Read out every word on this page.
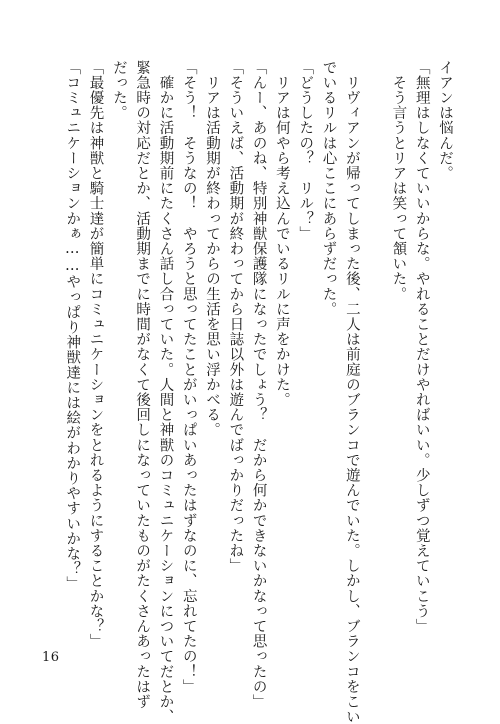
イアンは悩んだ。
「無理はしなくていいからな。やれることだけやればいい。少しずつ覚えていこう」
　そう言うとリアは笑って頷いた。
　リヴィアンが帰ってしまった後、二人は前庭のブランコで遊んでいた。しかし、ブランコをこい
でいるリルは心ここにあらずだった。
「どうしたの？　リル？」
　リアは何やら考え込んでいるリルに声をかけた。
「んー、あのね、特別神獣保護隊になったでしょう？　だから何かできないかなって思ったの」
「そういえば、活動期が終わってから日誌以外は遊んでばっかりだったね」
　リアは活動期が終わってからの生活を思い浮かべる。
「そう！　そうなの！　やろうと思ってたことがいっぱいあったはずなのに、忘れてたの！」
　確かに活動期前にたくさん話し合っていた。人間と神獣のコミュニケーションについてだとか、
緊急時の対応だとか、活動期までに時間がなくて後回しになっていたものがたくさんあったはず
だった。
「最優先は神獣と騎士達が簡単にコミュニケーションをとれるようにすることかな？」
「コミュニケーションかぁ……やっぱり神獣達には絵がわかりやすいかな？」
16
